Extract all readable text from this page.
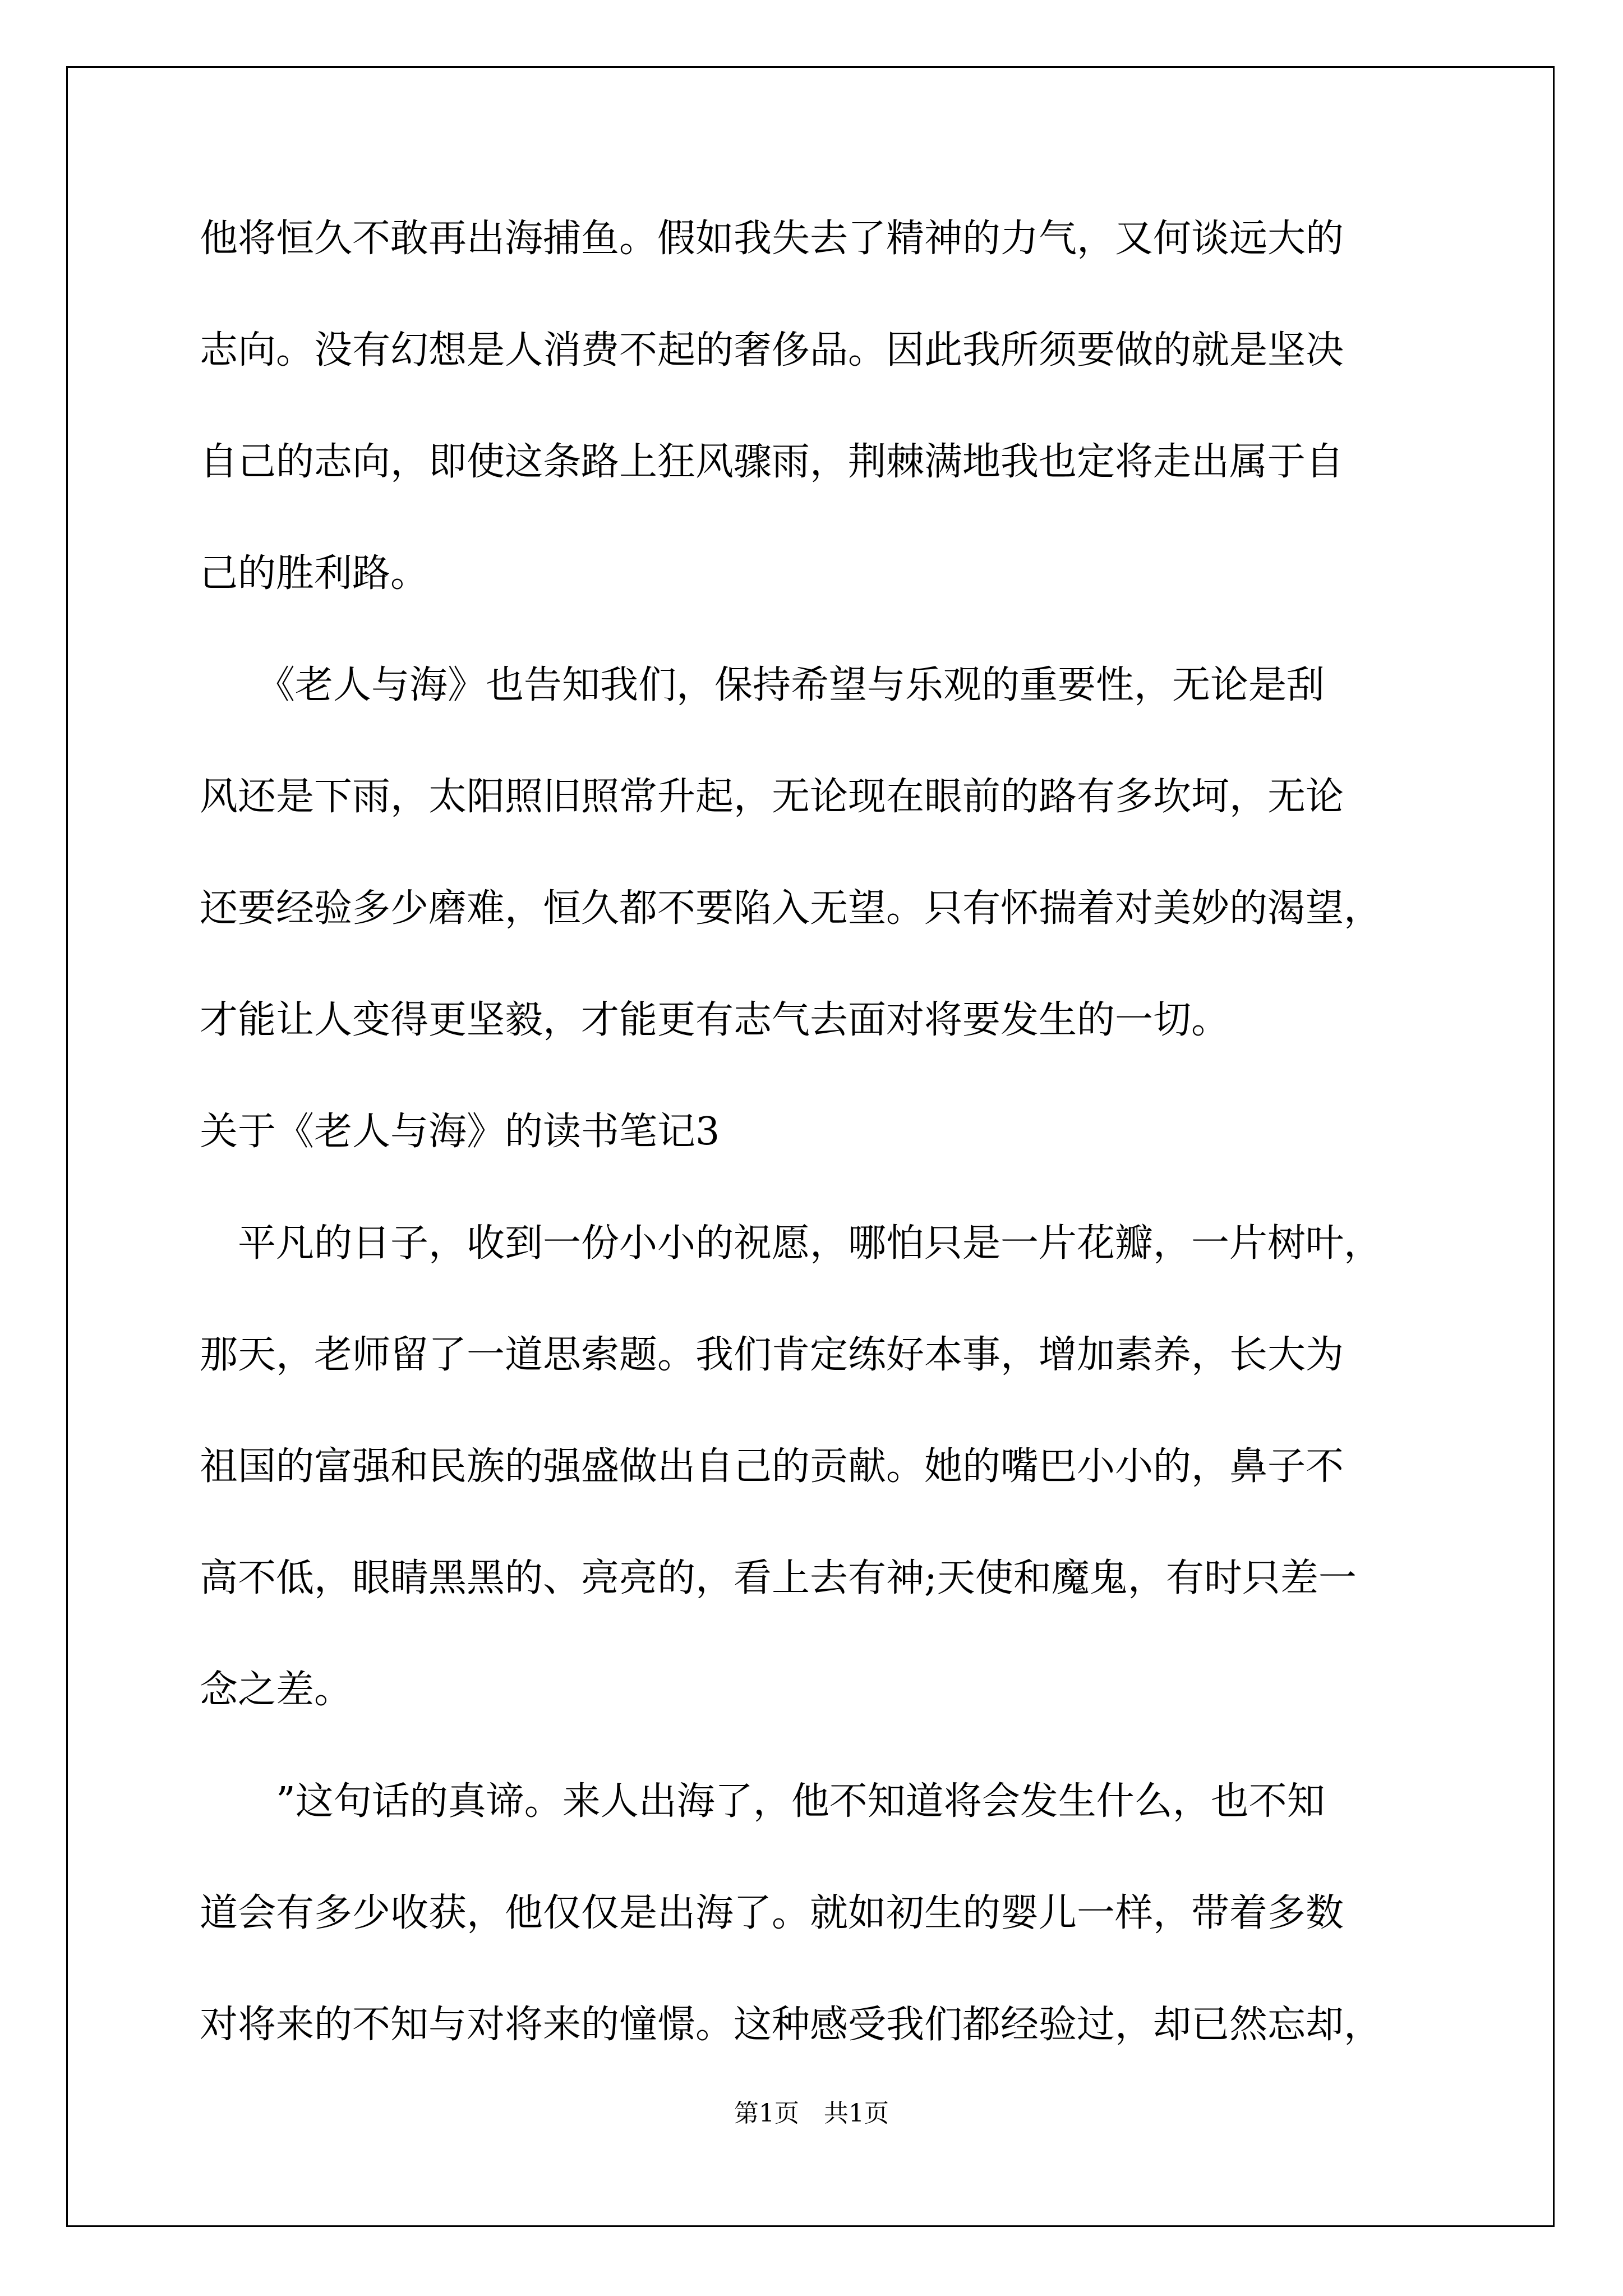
他将恒久不敢再出海捕鱼。假如我失去了精神的力气，又何谈远大的
志向。没有幻想是人消费不起的奢侈品。因此我所须要做的就是坚决
自己的志向，即使这条路上狂风骤雨，荆棘满地我也定将走出属于自
己的胜利路。
　　《老人与海》也告知我们，保持希望与乐观的重要性，无论是刮
风还是下雨，太阳照旧照常升起，无论现在眼前的路有多坎坷，无论
还要经验多少磨难，恒久都不要陷入无望。只有怀揣着对美妙的渴望，
才能让人变得更坚毅，才能更有志气去面对将要发生的一切。
关于《老人与海》的读书笔记3
　平凡的日子，收到一份小小的祝愿，哪怕只是一片花瓣，一片树叶，
那天，老师留了一道思索题。我们肯定练好本事，增加素养，长大为
祖国的富强和民族的强盛做出自己的贡献。她的嘴巴小小的，鼻子不
高不低，眼睛黑黑的、亮亮的，看上去有神;天使和魔鬼，有时只差一
念之差。
　　”这句话的真谛。来人出海了，他不知道将会发生什么，也不知
道会有多少收获，他仅仅是出海了。就如初生的婴儿一样，带着多数
对将来的不知与对将来的憧憬。这种感受我们都经验过，却已然忘却，
第1页　共1页
